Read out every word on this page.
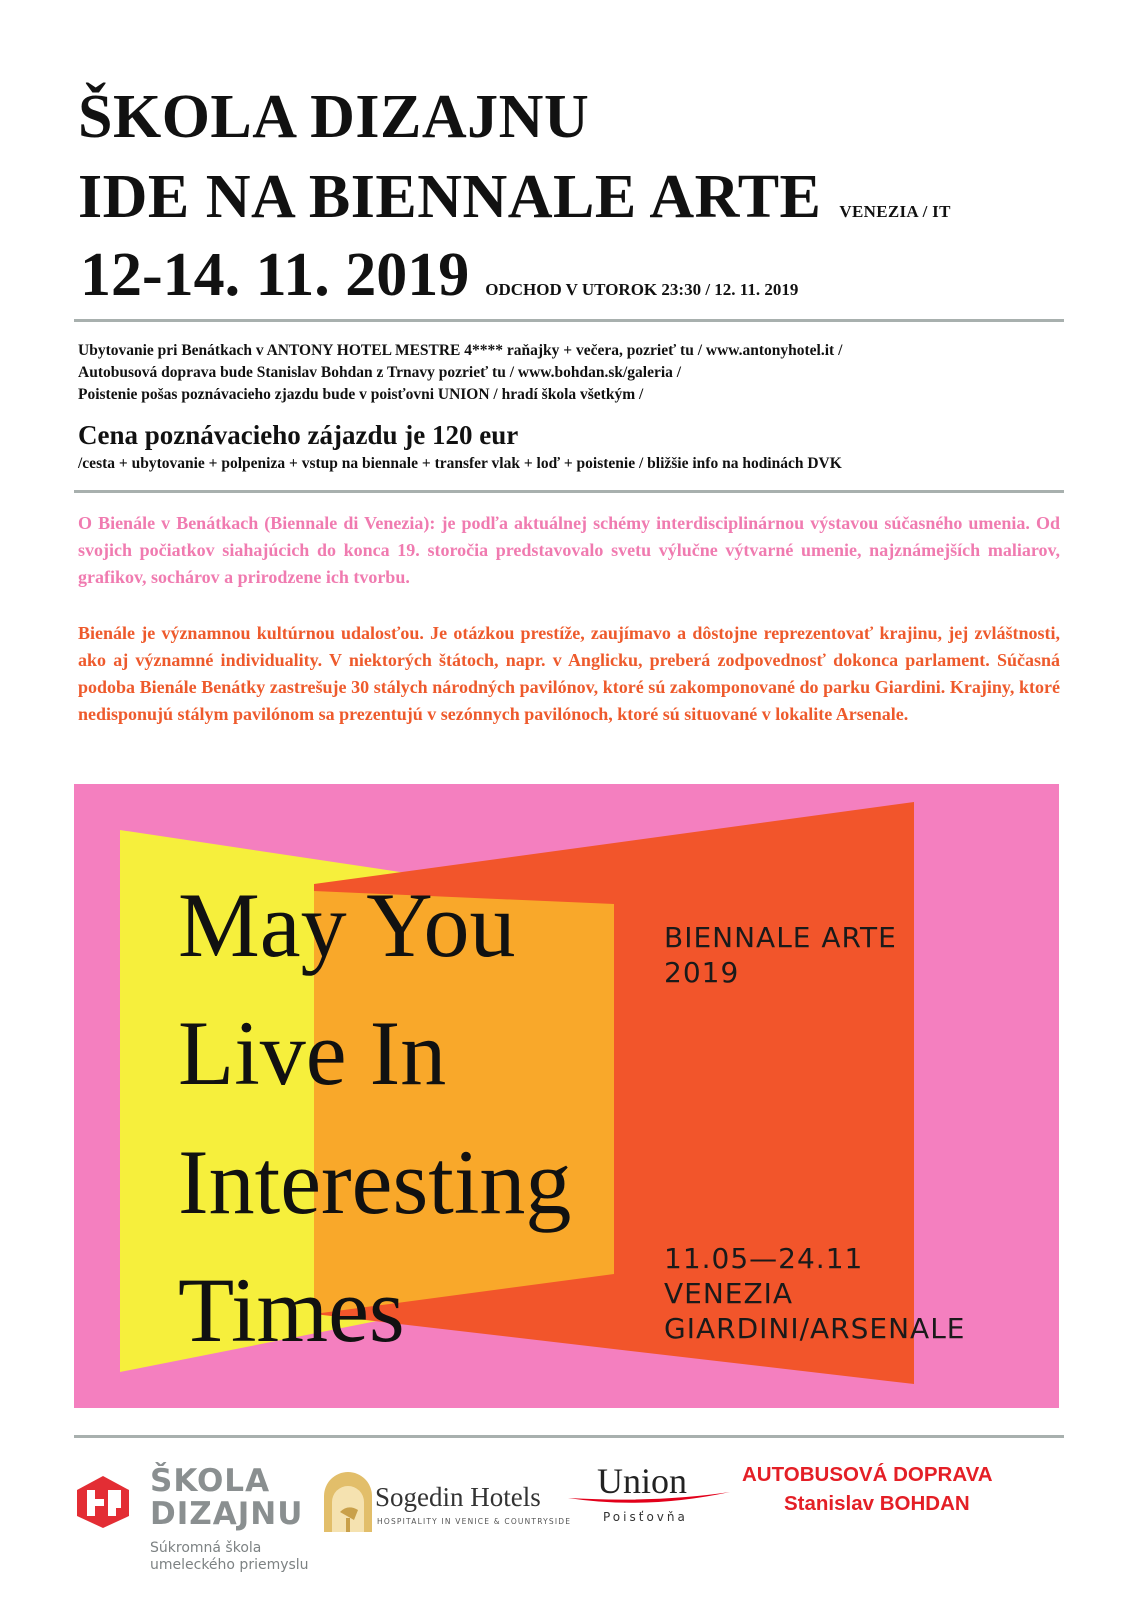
ŠKOLA DIZAJNU
IDE NA BIENNALE ARTE VENEZIA / IT
12-14. 11. 2019 ODCHOD V UTOROK 23:30 / 12. 11. 2019
Ubytovanie pri Benátkach v ANTONY HOTEL MESTRE 4**** raňajky + večera, pozrieť tu / www.antonyhotel.it /
Autobusová doprava bude Stanislav Bohdan z Trnavy pozrieť tu / www.bohdan.sk/galeria /
Poistenie pošas poznávacieho zjazdu bude v poisťovni UNION / hradí škola všetkým /
Cena poznávacieho zájazdu je 120 eur
/cesta + ubytovanie + polpeniza + vstup na biennale + transfer vlak + loď + poistenie / bližšie info na hodinách DVK
O Bienále v Benátkach (Biennale di Venezia): je podľa aktuálnej schémy interdisciplinárnou výstavou súčasného umenia. Od svojich počiatkov siahajúcich do konca 19. storočia predstavovalo svetu výlučne výtvarné umenie, najznámejších maliarov, grafikov, sochárov a prirodzene ich tvorbu.
Bienále je významnou kultúrnou udalosťou. Je otázkou prestíže, zaujímavo a dôstojne reprezentovať krajinu, jej zvláštnosti, ako aj významné individuality. V niektorých štátoch, napr. v Anglicku, preberá zodpovednosť dokonca parlament. Súčasná podoba Bienále Benátky zastrešuje 30 stálych národných pavilónov, ktoré sú zakomponované do parku Giardini. Krajiny, ktoré nedisponujú stálym pavilónom sa prezentujú v sezónnych pavilónoch, ktoré sú situované v lokalite Arsenale.
May You
Live In
Interesting
Times
BIENNALE ARTE
2019
11.05—24.11
VENEZIA
GIARDINI/ARSENALE
ŠKOLA
DIZAJNU
Súkromná škola
umeleckého priemyslu
Sogedin Hotels
HOSPITALITY IN VENICE & COUNTRYSIDE
Union
Poisťovňa
AUTOBUSOVÁ DOPRAVA
Stanislav BOHDAN
